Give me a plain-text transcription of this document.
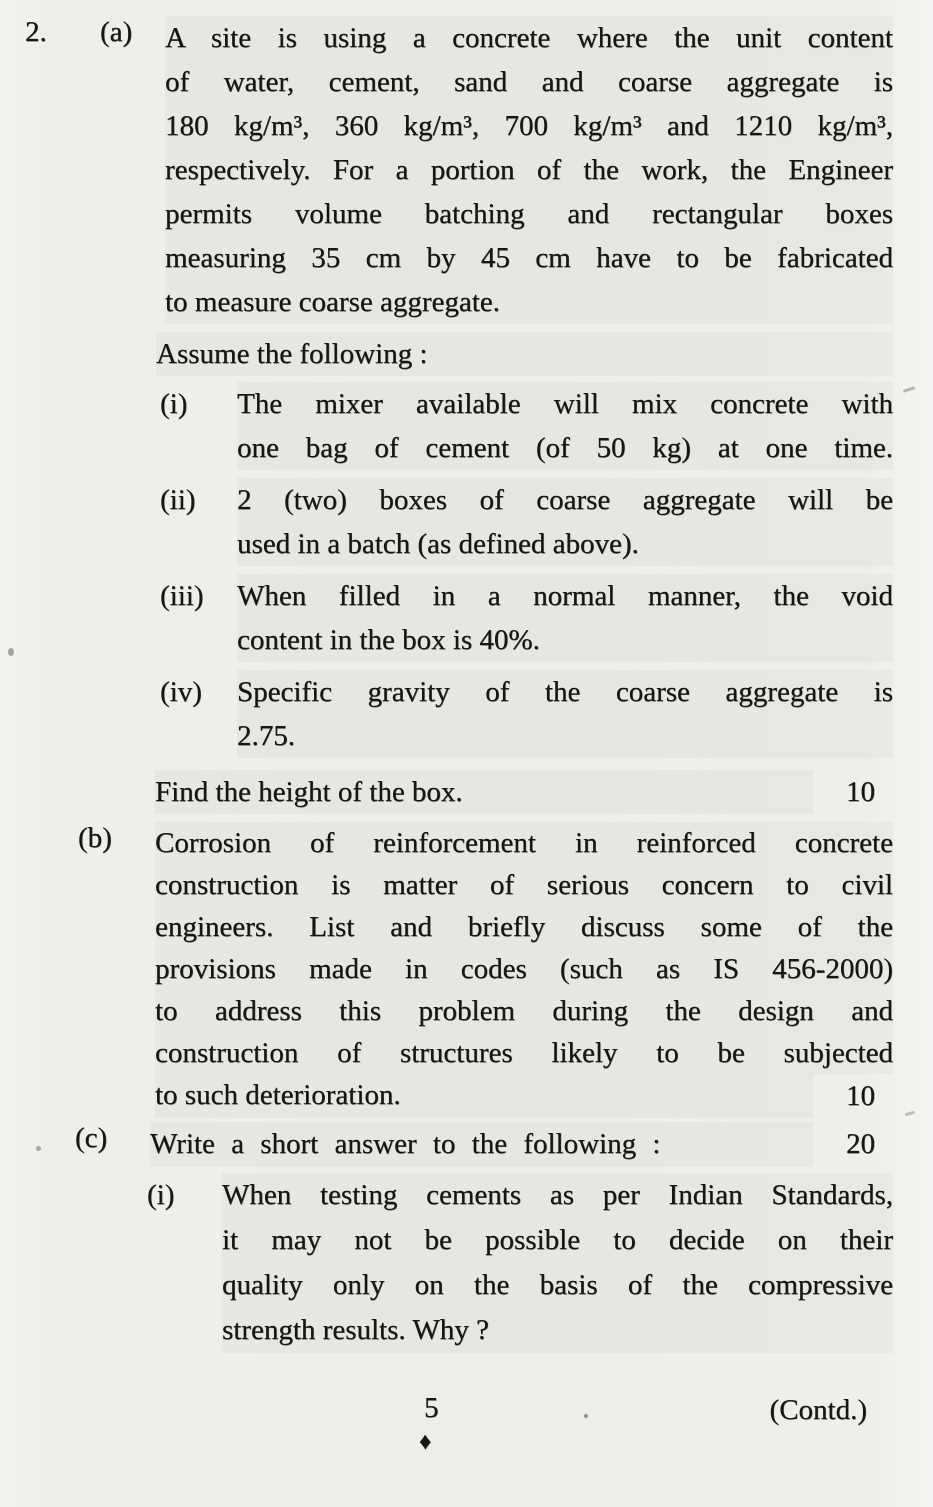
2.	(a)	A site is using a concrete where the unit content
of water, cement, sand and coarse aggregate is
180 kg/m³, 360 kg/m³, 700 kg/m³ and 1210 kg/m³,
respectively. For a portion of the work, the Engineer
permits volume batching and rectangular boxes
measuring 35 cm by 45 cm have to be fabricated
to measure coarse aggregate.
Assume the following :
(i)	The mixer available will mix concrete with
one bag of cement (of 50 kg) at one time.
(ii)	2 (two) boxes of coarse aggregate will be
used in a batch (as defined above).
(iii)	When filled in a normal manner, the void
content in the box is 40%.
(iv)	Specific gravity of the coarse aggregate is
2.75.
Find the height of the box.	10
(b)	Corrosion of reinforcement in reinforced concrete
construction is matter of serious concern to civil
engineers. List and briefly discuss some of the
provisions made in codes (such as IS 456-2000)
to address this problem during the design and
construction of structures likely to be subjected
to such deterioration.	10
(c)	Write a short answer to the following :	20
(i)	When testing cements as per Indian Standards,
it may not be possible to decide on their
quality only on the basis of the compressive
strength results. Why ?
5
♦
(Contd.)
